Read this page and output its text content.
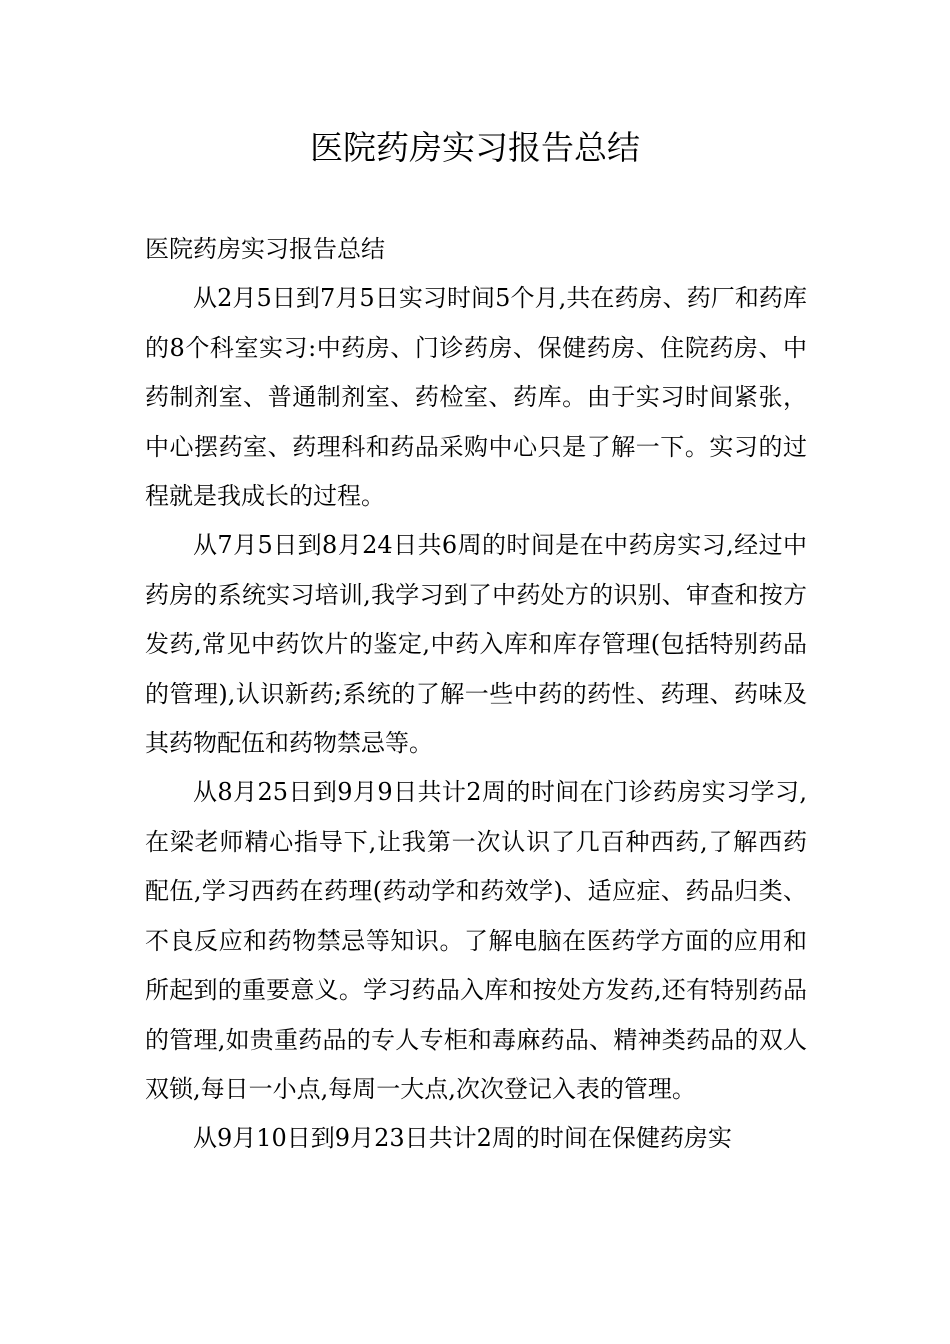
医院药房实习报告总结

医院药房实习报告总结

从2月5日到7月5日实习时间5个月,共在药房、药厂和药库的8个科室实习:中药房、门诊药房、保健药房、住院药房、中药制剂室、普通制剂室、药检室、药库。由于实习时间紧张，中心摆药室、药理科和药品采购中心只是了解一下。实习的过程就是我成长的过程。

从7月5日到8月24日共6周的时间是在中药房实习,经过中药房的系统实习培训,我学习到了中药处方的识别、审查和按方发药,常见中药饮片的鉴定,中药入库和库存管理(包括特别药品的管理),认识新药;系统的了解一些中药的药性、药理、药味及其药物配伍和药物禁忌等。

从8月25日到9月9日共计2周的时间在门诊药房实习学习,在梁老师精心指导下,让我第一次认识了几百种西药,了解西药配伍,学习西药在药理(药动学和药效学)、适应症、药品归类、不良反应和药物禁忌等知识。了解电脑在医药学方面的应用和所起到的重要意义。学习药品入库和按处方发药,还有特别药品的管理,如贵重药品的专人专柜和毒麻药品、精神类药品的双人双锁,每日一小点,每周一大点,次次登记入表的管理。

从9月10日到9月23日共计2周的时间在保健药房实
